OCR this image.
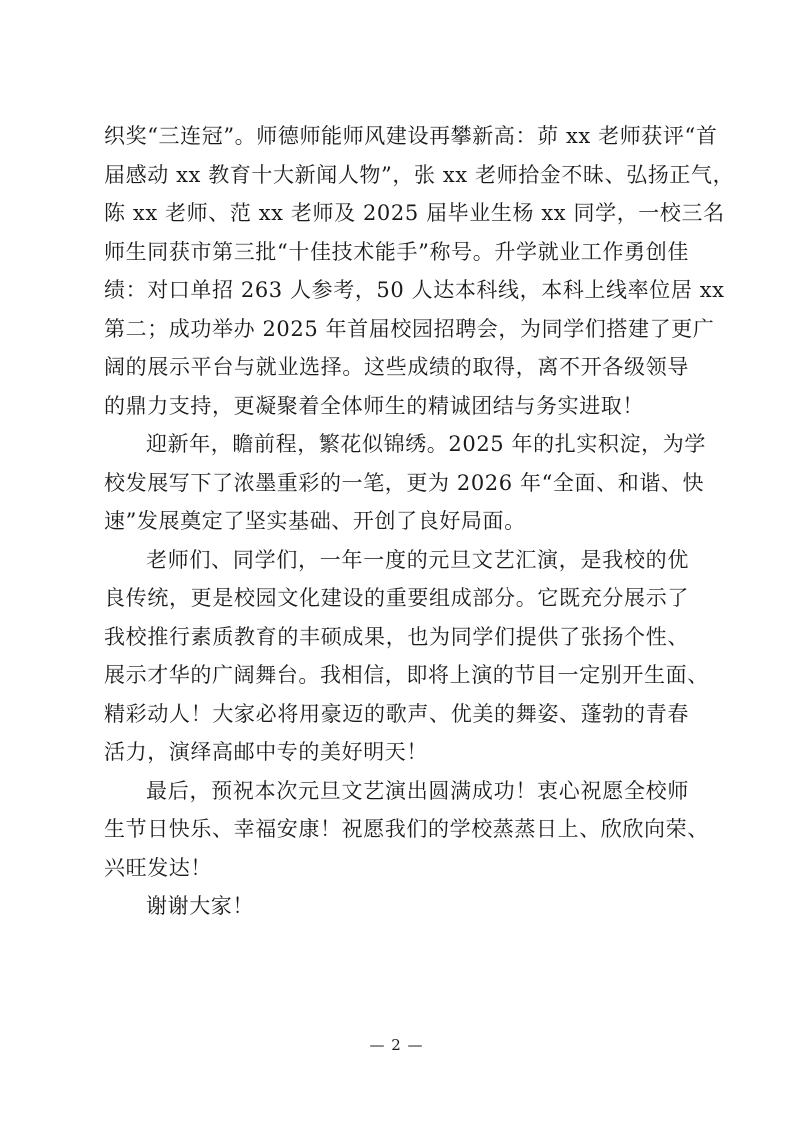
织奖“三连冠”。师德师能师风建设再攀新高：茆 xx 老师获评“首
届感动 xx 教育十大新闻人物”，张 xx 老师拾金不昧、弘扬正气，
陈 xx 老师、范 xx 老师及 2025 届毕业生杨 xx 同学，一校三名
师生同获市第三批“十佳技术能手”称号。升学就业工作勇创佳
绩：对口单招 263 人参考，50 人达本科线，本科上线率位居 xx
第二；成功举办 2025 年首届校园招聘会，为同学们搭建了更广
阔的展示平台与就业选择。这些成绩的取得，离不开各级领导
的鼎力支持，更凝聚着全体师生的精诚团结与务实进取！
迎新年，瞻前程，繁花似锦绣。2025 年的扎实积淀，为学
校发展写下了浓墨重彩的一笔，更为 2026 年“全面、和谐、快
速”发展奠定了坚实基础、开创了良好局面。
老师们、同学们，一年一度的元旦文艺汇演，是我校的优
良传统，更是校园文化建设的重要组成部分。它既充分展示了
我校推行素质教育的丰硕成果，也为同学们提供了张扬个性、
展示才华的广阔舞台。我相信，即将上演的节目一定别开生面、
精彩动人！大家必将用豪迈的歌声、优美的舞姿、蓬勃的青春
活力，演绎高邮中专的美好明天！
最后，预祝本次元旦文艺演出圆满成功！衷心祝愿全校师
生节日快乐、幸福安康！祝愿我们的学校蒸蒸日上、欣欣向荣、
兴旺发达！
谢谢大家！
— 2 —
